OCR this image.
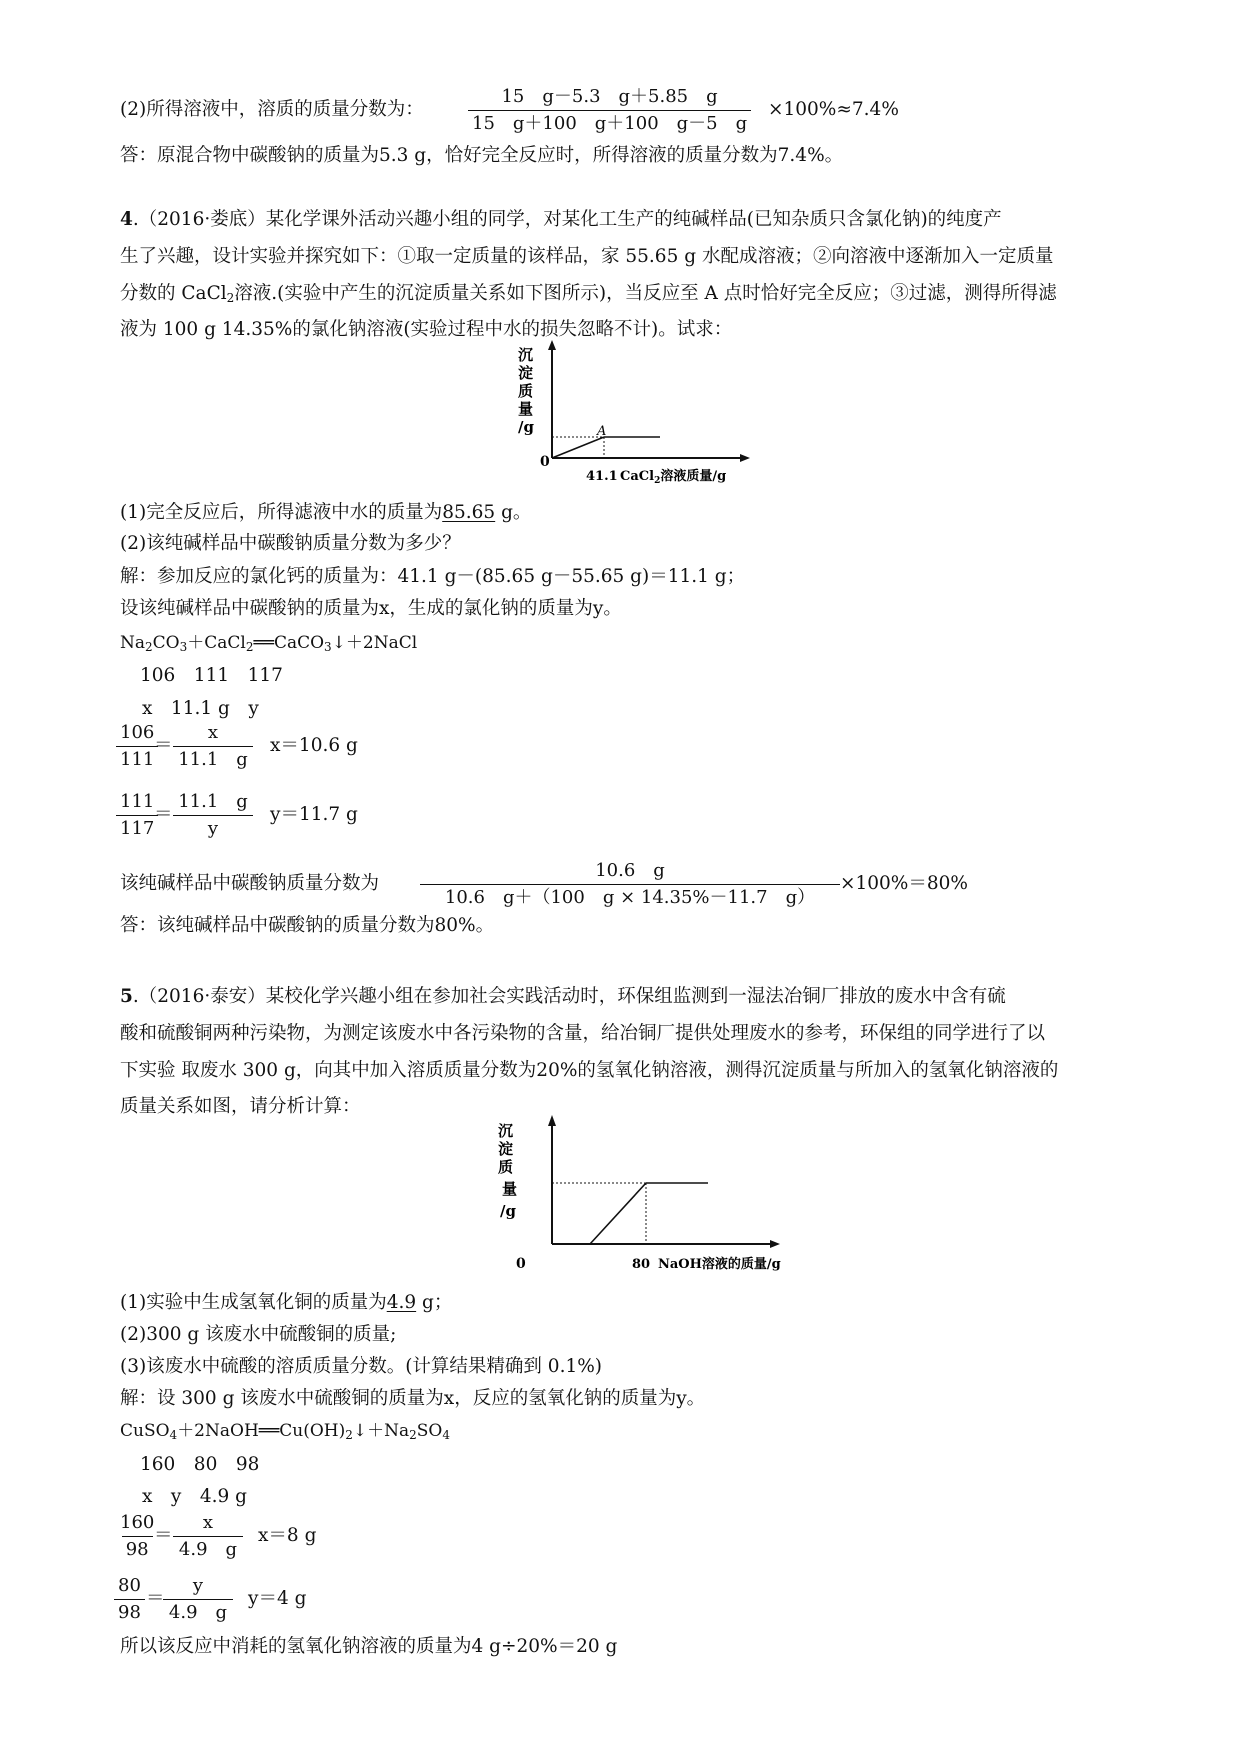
(2)所得溶液中，溶质的质量分数为： $\frac{15 g-5.3 g+5.85 g}{15 g+100 g+100 g-5 g} \times 100\%\approx 7.4\%$
答：原混合物中碳酸钠的质量为5.3 g，恰好完全反应时，所得溶液的质量分数为7.4%。
4.（2016·娄底）某化学课外活动兴趣小组的同学，对某化工生产的纯碱样品(已知杂质只含氯化钠)的纯度产
生了兴趣，设计实验并探究如下：①取一定质量的该样品，家 55.65 g 水配成溶液；②向溶液中逐渐加入一定质量
分数的 CaCl$_2$溶液.(实验中产生的沉淀质量关系如下图所示)，当反应至 A 点时恰好完全反应；③过滤，测得所得滤
液为 100 g 14.35%的氯化钠溶液(实验过程中水的损失忽略不计)。试求：
沉
淀
质
量
/g
0
A
41.1 CaCl$_2$溶液质量/g
(1)完全反应后，所得滤液中水的质量为85.65 g。
(2)该纯碱样品中碳酸钠质量分数为多少？
解：参加反应的氯化钙的质量为：41.1 g－(85.65 g－55.65 g)＝11.1 g；
设该纯碱样品中碳酸钠的质量为x，生成的氯化钠的质量为y。
$Na_2CO_3+CaCl_2══CaCO_3↓+2NaCl$
106　111　117
x　11.1 g　y
$\frac{106}{111}$
＝ $\frac{x}{11.1 g} x=10.6$ g
$\frac{111}{117}$
＝ $\frac{11.1 g}{y} y=11.7$ g
该纯碱样品中碳酸钠质量分数为 $\frac{10.6 g}{10.6 g+(100 g \times 14.35\%-11.7 g)} \times 100\%=80\%$
答：该纯碱样品中碳酸钠的质量分数为80%。
5.（2016·泰安）某校化学兴趣小组在参加社会实践活动时，环保组监测到一湿法冶铜厂排放的废水中含有硫
酸和硫酸铜两种污染物，为测定该废水中各污染物的含量，给冶铜厂提供处理废水的参考，环保组的同学进行了以
下实验 取废水 300 g，向其中加入溶质质量分数为20%的氢氧化钠溶液，测得沉淀质量与所加入的氢氧化钠溶液的
质量关系如图，请分析计算：
沉
淀
质
量
/g
0	80 NaOH溶液的质量/g
(1)实验中生成氢氧化铜的质量为4.9 g；
(2)300 g 该废水中硫酸铜的质量;
(3)该废水中硫酸的溶质质量分数。(计算结果精确到 0.1%)
解：设 300 g 该废水中硫酸铜的质量为x，反应的氢氧化钠的质量为y。
$CuSO_4+2NaOH══Cu(OH)_2↓+Na_2SO_4$
160　80　98
x　y　4.9 g
$\frac{160}{98}$
＝ $\frac{x}{4.9 g} x=8$ g
$\frac{80}{98}$ ＝
$\frac{y}{4.9 g} y=4$ g
所以该反应中消耗的氢氧化钠溶液的质量为4 g÷20%＝20 g
